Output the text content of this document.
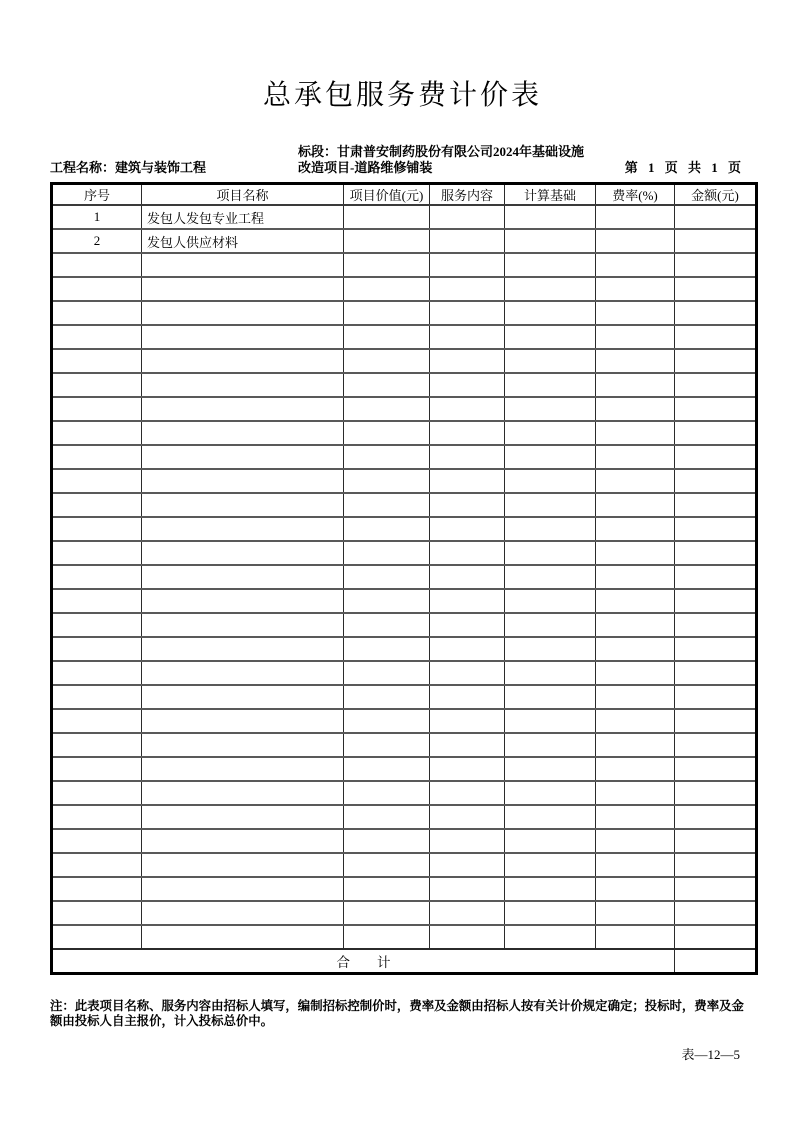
总承包服务费计价表
工程名称：建筑与装饰工程
标段：甘肃普安制药股份有限公司2024年基础设施
改造项目-道路维修铺装	第 1 页 共 1 页
序号	项目名称	项目价值(元)	服务内容	计算基础	费率(%)	金额(元)
1	发包人发包专业工程					
2	发包人供应材料					

合　　计						
注：此表项目名称、服务内容由招标人填写，编制招标控制价时，费率及金额由招标人按有关计价规定确定；投标时，费率及金额由投标人自主报价，计入投标总价中。
表—12—5
